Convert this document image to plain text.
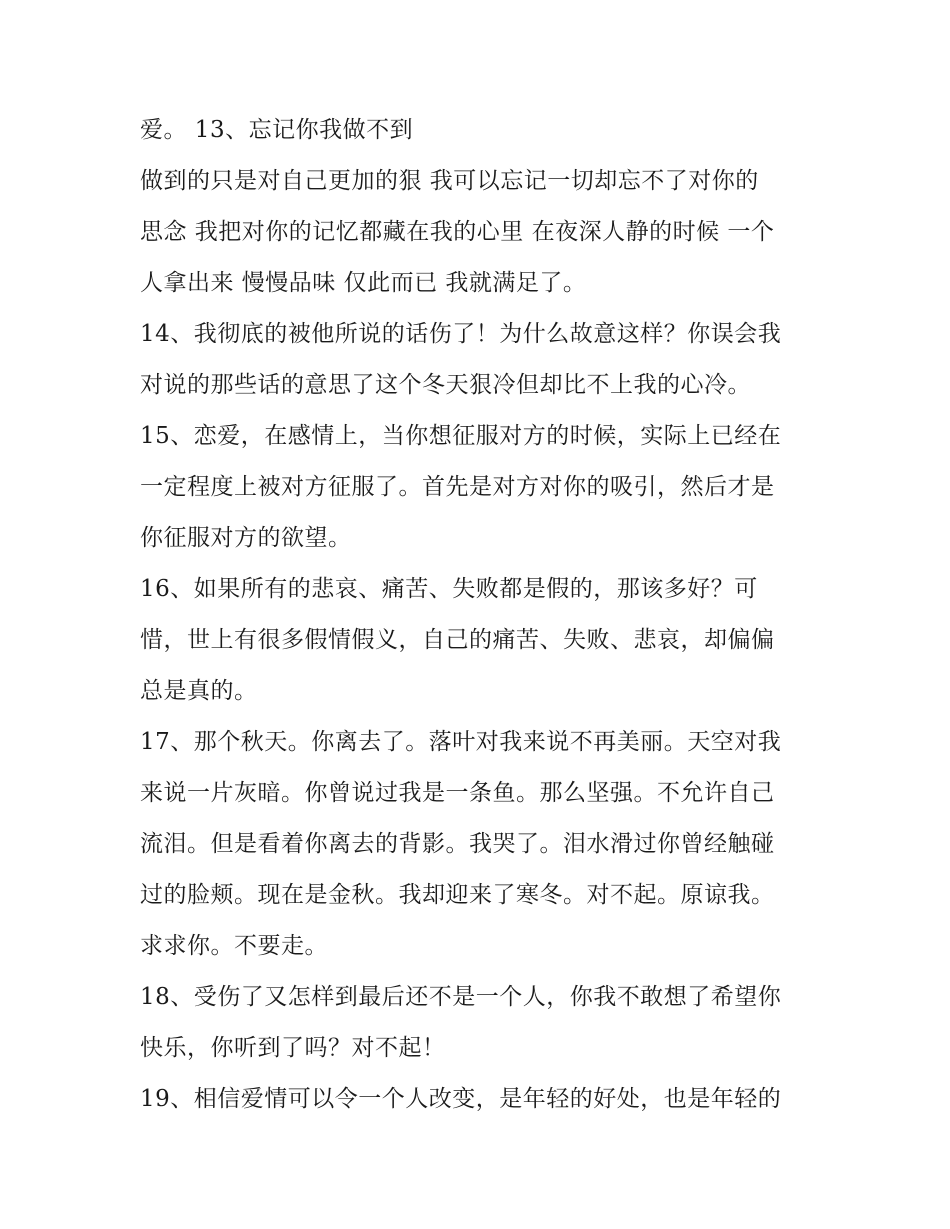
爱。 13、忘记你我做不到
做到的只是对自己更加的狠 我可以忘记一切却忘不了对你的
思念 我把对你的记忆都藏在我的心里 在夜深人静的时候 一个
人拿出来 慢慢品味 仅此而已 我就满足了。
14、我彻底的被他所说的话伤了！为什么故意这样？你误会我
对说的那些话的意思了这个冬天狠冷但却比不上我的心冷。
15、恋爱，在感情上，当你想征服对方的时候，实际上已经在
一定程度上被对方征服了。首先是对方对你的吸引，然后才是
你征服对方的欲望。
16、如果所有的悲哀、痛苦、失败都是假的，那该多好？可
惜，世上有很多假情假义，自己的痛苦、失败、悲哀，却偏偏
总是真的。
17、那个秋天。你离去了。落叶对我来说不再美丽。天空对我
来说一片灰暗。你曾说过我是一条鱼。那么坚强。不允许自己
流泪。但是看着你离去的背影。我哭了。泪水滑过你曾经触碰
过的脸颊。现在是金秋。我却迎来了寒冬。对不起。原谅我。
求求你。不要走。
18、受伤了又怎样到最后还不是一个人，你我不敢想了希望你
快乐，你听到了吗？对不起！
19、相信爱情可以令一个人改变，是年轻的好处，也是年轻的
